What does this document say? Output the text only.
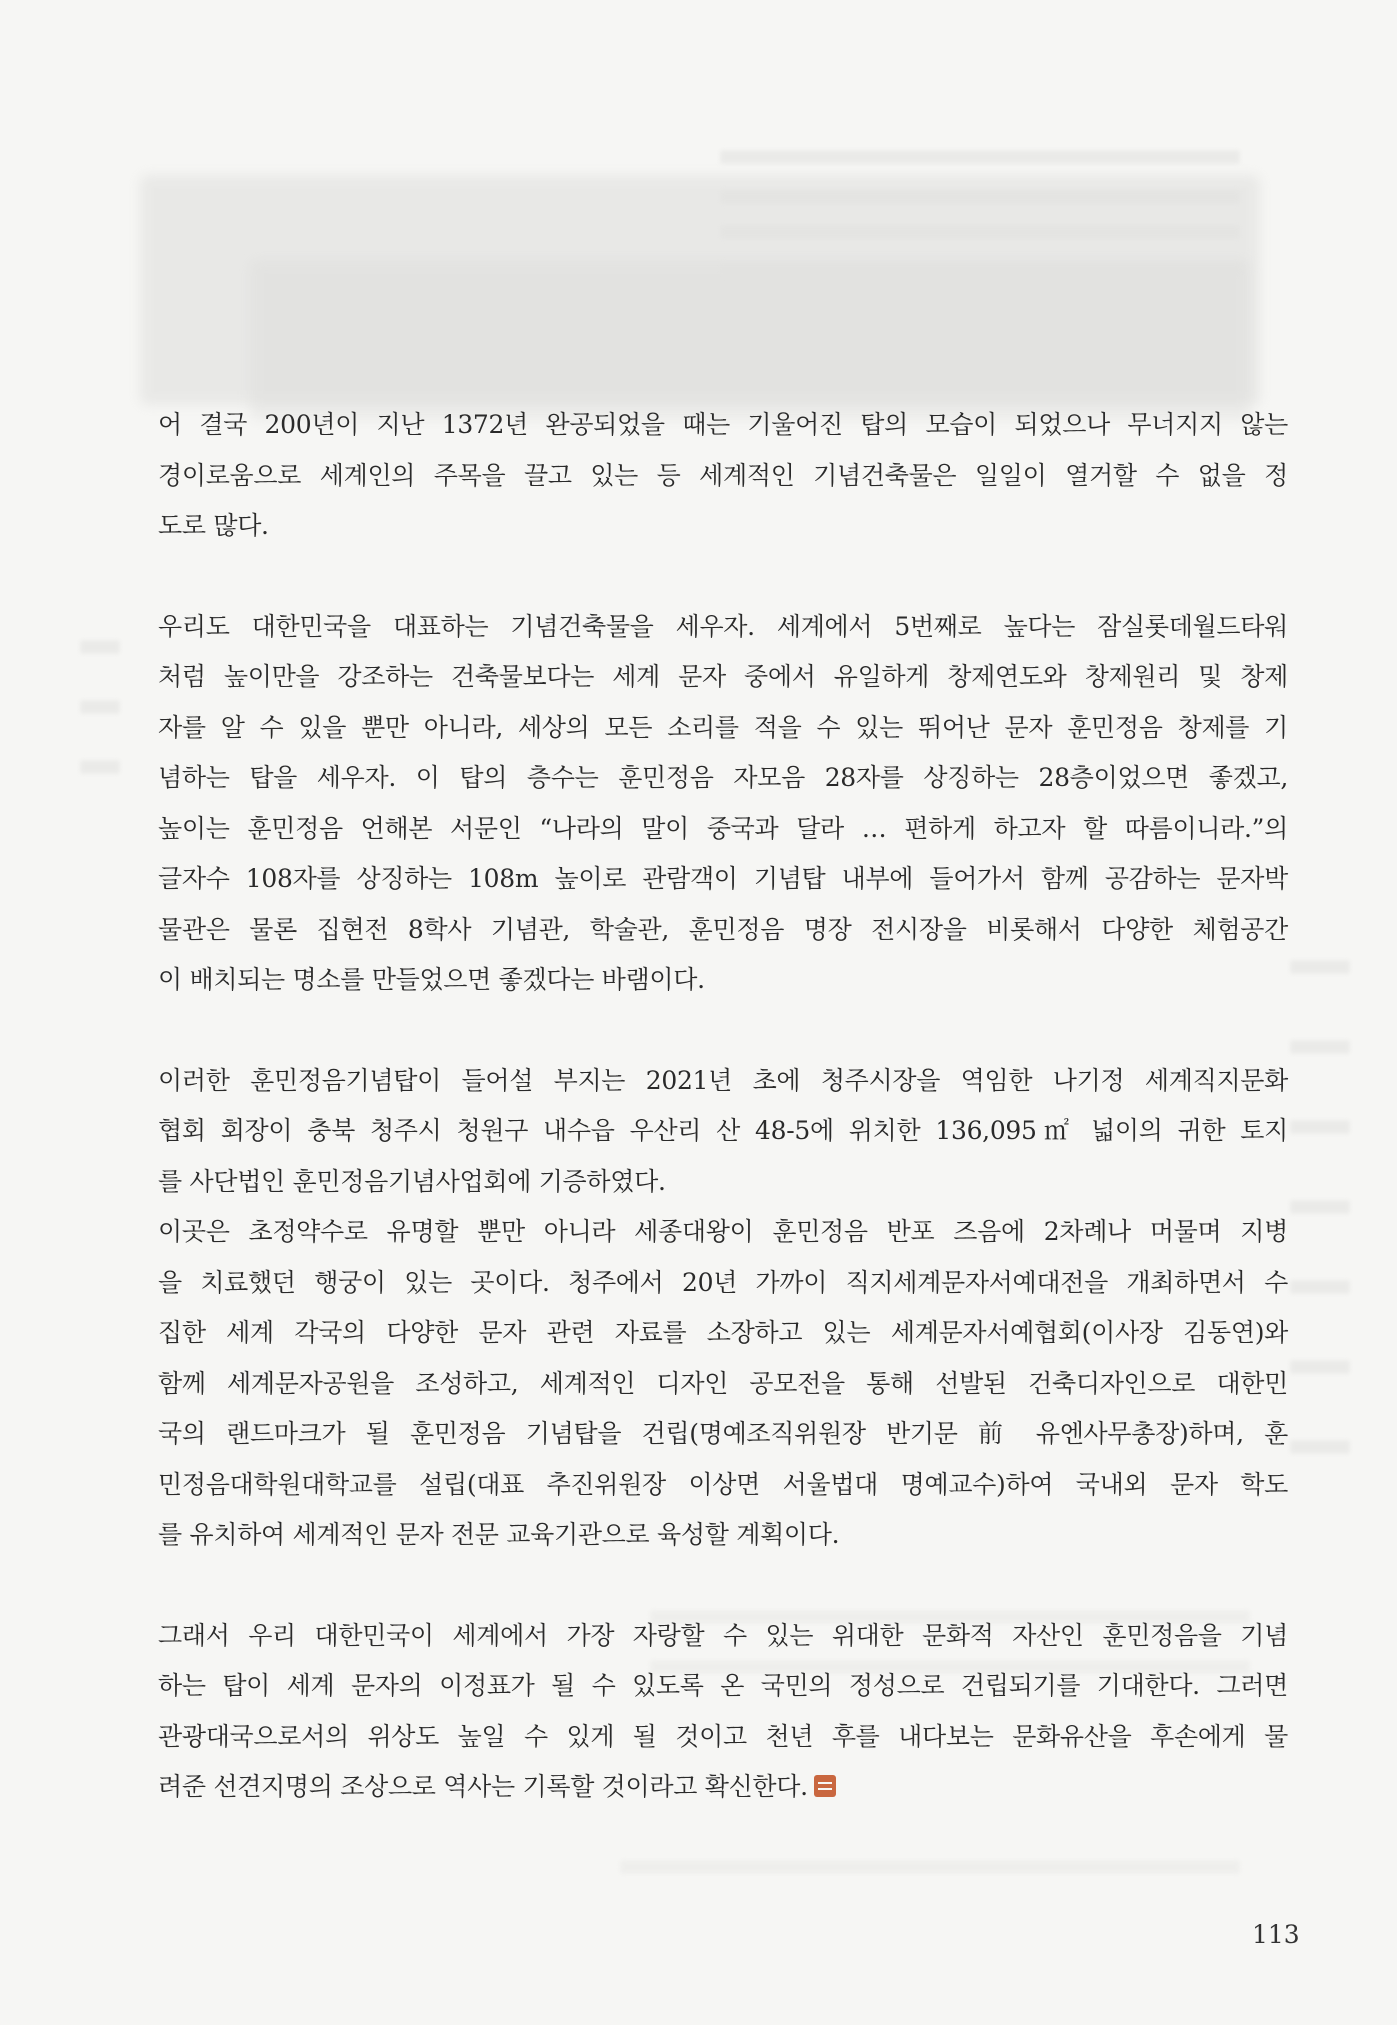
어 결국 200년이 지난 1372년 완공되었을 때는 기울어진 탑의 모습이 되었으나 무너지지 않는
경이로움으로 세계인의 주목을 끌고 있는 등 세계적인 기념건축물은 일일이 열거할 수 없을 정
도로 많다.

우리도 대한민국을 대표하는 기념건축물을 세우자. 세계에서 5번째로 높다는 잠실롯데월드타워
처럼 높이만을 강조하는 건축물보다는 세계 문자 중에서 유일하게 창제연도와 창제원리 및 창제
자를 알 수 있을 뿐만 아니라, 세상의 모든 소리를 적을 수 있는 뛰어난 문자 훈민정음 창제를 기
념하는 탑을 세우자. 이 탑의 층수는 훈민정음 자모음 28자를 상징하는 28층이었으면 좋겠고,
높이는 훈민정음 언해본 서문인 “나라의 말이 중국과 달라 … 편하게 하고자 할 따름이니라.”의
글자수 108자를 상징하는 108m 높이로 관람객이 기념탑 내부에 들어가서 함께 공감하는 문자박
물관은 물론 집현전 8학사 기념관, 학술관, 훈민정음 명장 전시장을 비롯해서 다양한 체험공간
이 배치되는 명소를 만들었으면 좋겠다는 바램이다.

이러한 훈민정음기념탑이 들어설 부지는 2021년 초에 청주시장을 역임한 나기정 세계직지문화
협회 회장이 충북 청주시 청원구 내수읍 우산리 산 48-5에 위치한 136,095㎡ 넓이의 귀한 토지
를 사단법인 훈민정음기념사업회에 기증하였다.

이곳은 초정약수로 유명할 뿐만 아니라 세종대왕이 훈민정음 반포 즈음에 2차례나 머물며 지병
을 치료했던 행궁이 있는 곳이다. 청주에서 20년 가까이 직지세계문자서예대전을 개최하면서 수
집한 세계 각국의 다양한 문자 관련 자료를 소장하고 있는 세계문자서예협회(이사장 김동연)와
함께 세계문자공원을 조성하고, 세계적인 디자인 공모전을 통해 선발된 건축디자인으로 대한민
국의 랜드마크가 될 훈민정음 기념탑을 건립(명예조직위원장 반기문 前 유엔사무총장)하며, 훈
민정음대학원대학교를 설립(대표 추진위원장 이상면 서울법대 명예교수)하여 국내외 문자 학도
를 유치하여 세계적인 문자 전문 교육기관으로 육성할 계획이다.

그래서 우리 대한민국이 세계에서 가장 자랑할 수 있는 위대한 문화적 자산인 훈민정음을 기념
하는 탑이 세계 문자의 이정표가 될 수 있도록 온 국민의 정성으로 건립되기를 기대한다. 그러면
관광대국으로서의 위상도 높일 수 있게 될 것이고 천년 후를 내다보는 문화유산을 후손에게 물
려준 선견지명의 조상으로 역사는 기록할 것이라고 확신한다.

113
